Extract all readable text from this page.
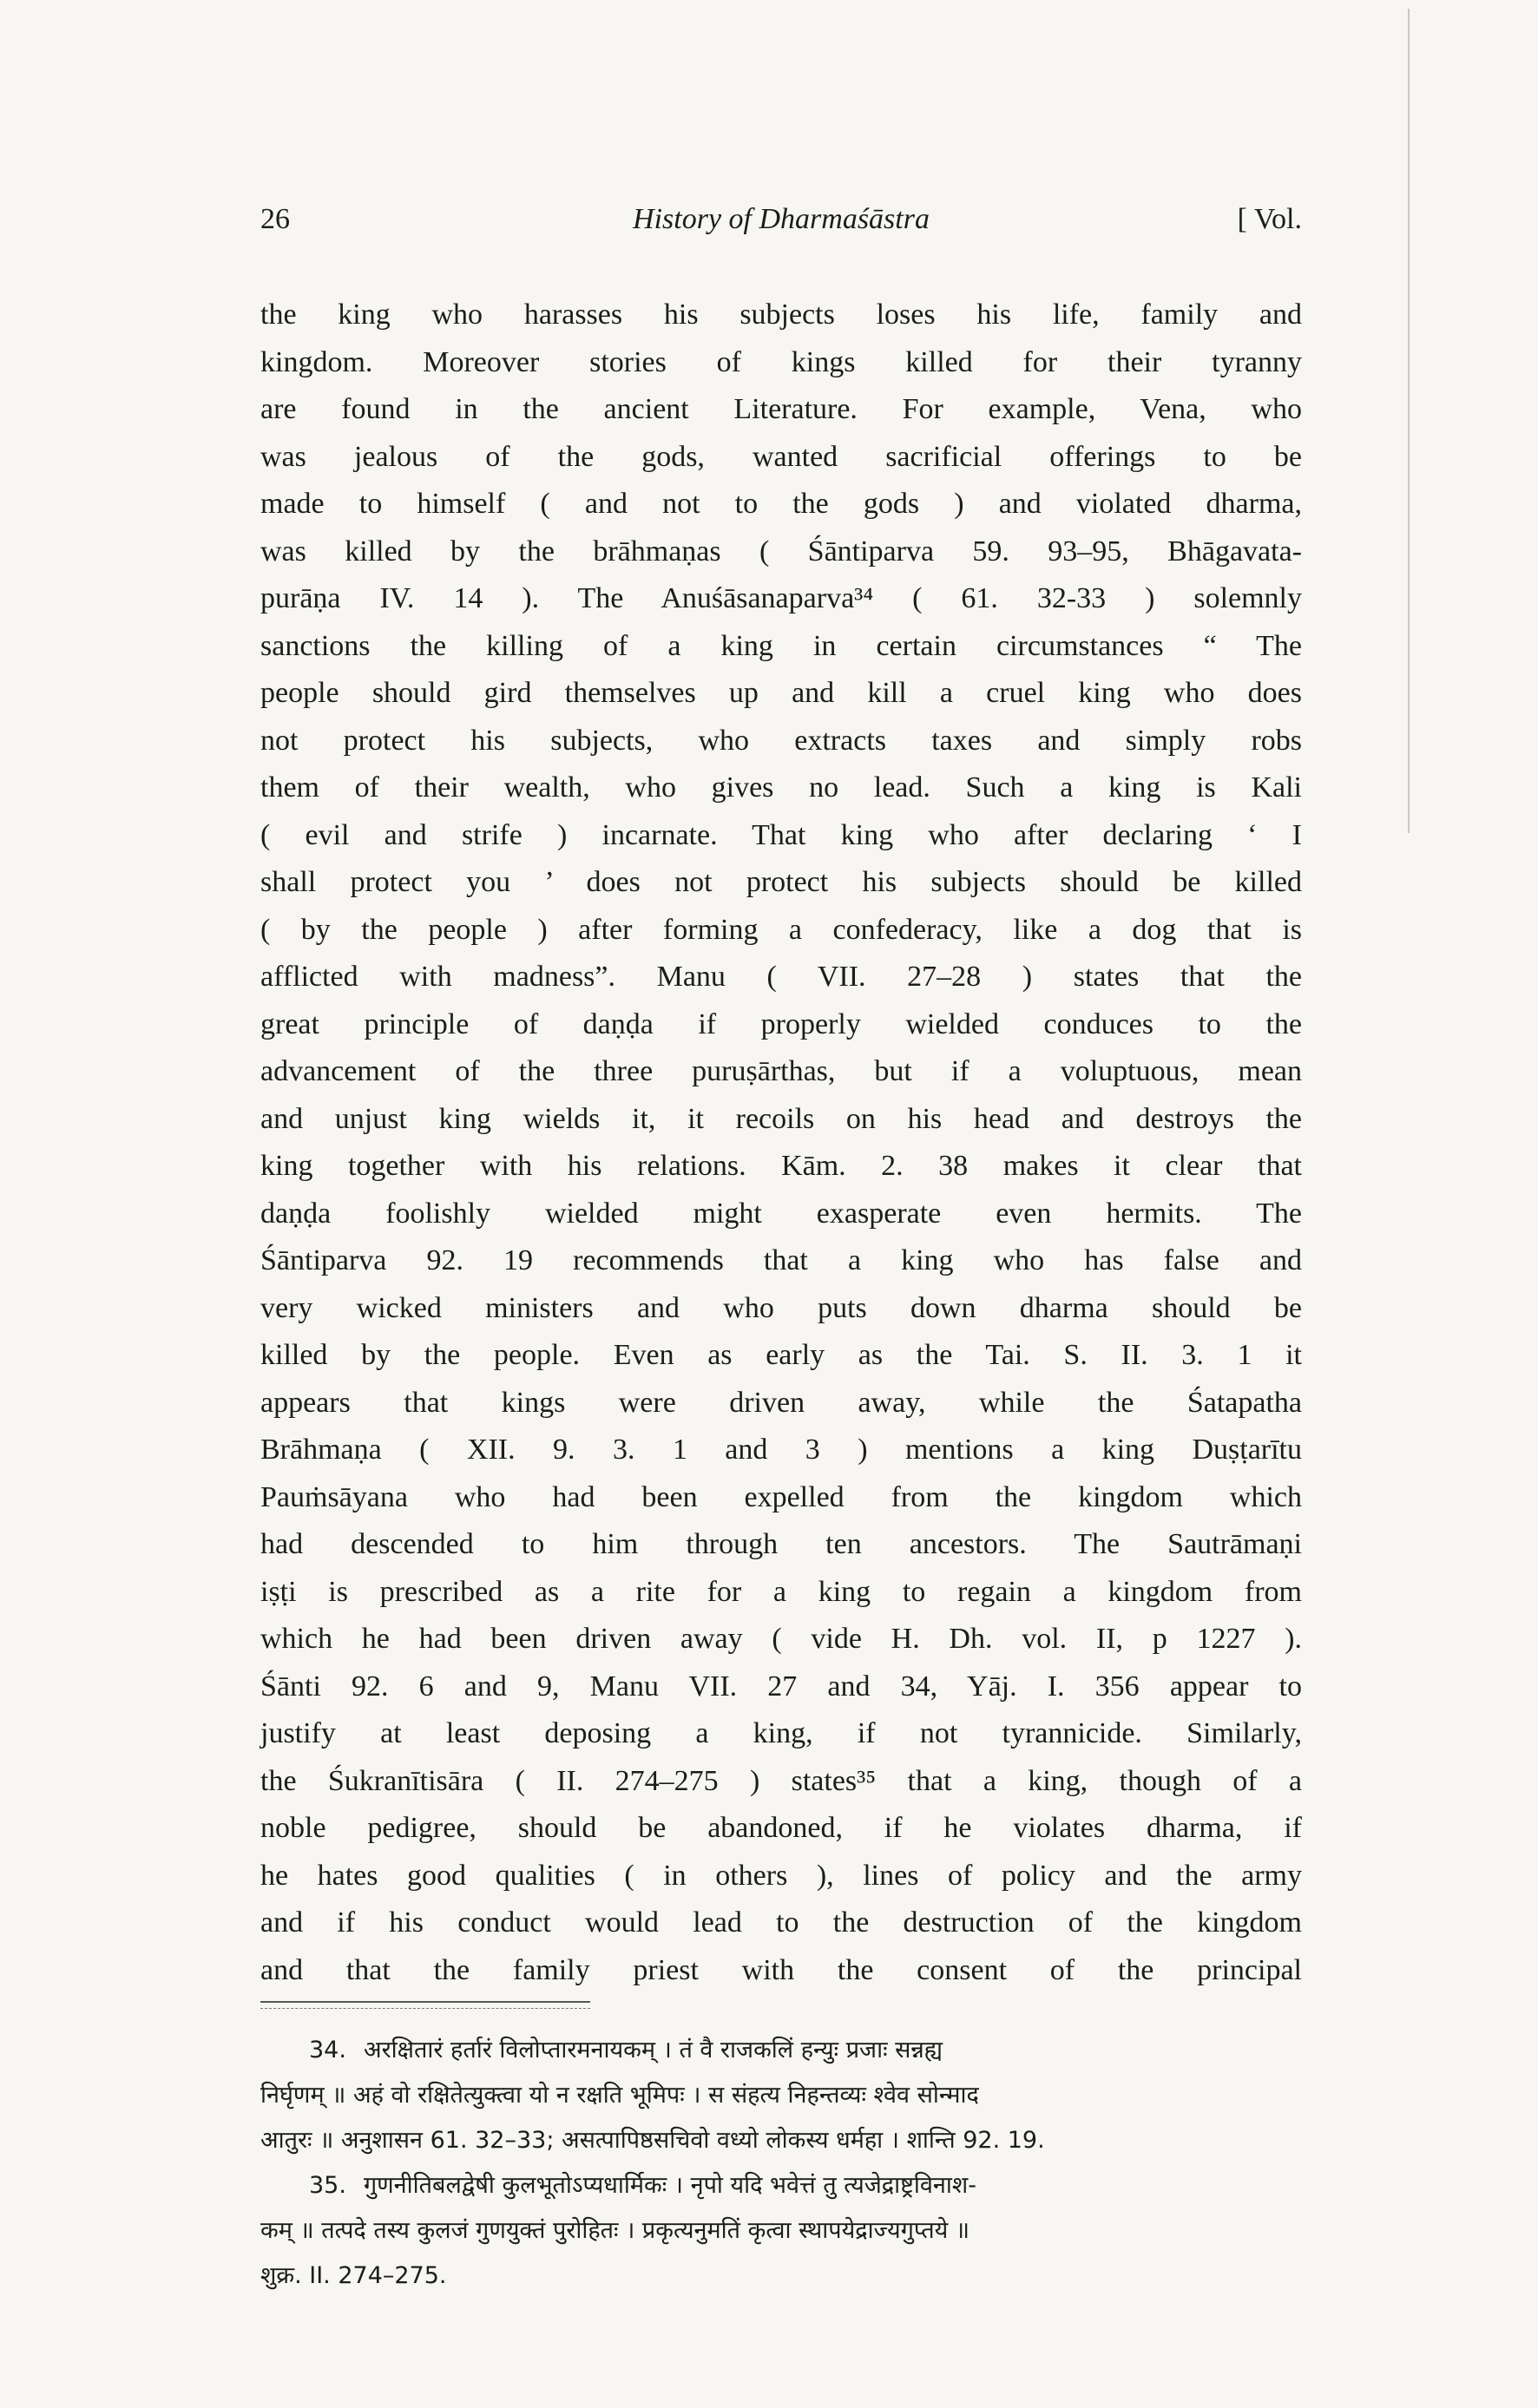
26	History of Dharmaśāstra	[ Vol.
the king who harasses his subjects loses his life, family and
kingdom. Moreover stories of kings killed for their tyranny
are found in the ancient Literature. For example, Vena, who
was jealous of the gods, wanted sacrificial offerings to be
made to himself ( and not to the gods ) and violated dharma,
was killed by the brāhmaṇas ( Śāntiparva 59. 93–95, Bhāgavata-
purāṇa IV. 14 ). The Anuśāsanaparva³⁴ ( 61. 32-33 ) solemnly
sanctions the killing of a king in certain circumstances “ The
people should gird themselves up and kill a cruel king who does
not protect his subjects, who extracts taxes and simply robs
them of their wealth, who gives no lead. Such a king is Kali
( evil and strife ) incarnate. That king who after declaring ‘ I
shall protect you ’ does not protect his subjects should be killed
( by the people ) after forming a confederacy, like a dog that is
afflicted with madness”. Manu ( VII. 27–28 ) states that the
great principle of daṇḍa if properly wielded conduces to the
advancement of the three puruṣārthas, but if a voluptuous, mean
and unjust king wields it, it recoils on his head and destroys the
king together with his relations. Kām. 2. 38 makes it clear that
daṇḍa foolishly wielded might exasperate even hermits. The
Śāntiparva 92. 19 recommends that a king who has false and
very wicked ministers and who puts down dharma should be
killed by the people. Even as early as the Tai. S. II. 3. 1 it
appears that kings were driven away, while the Śatapatha
Brāhmaṇa ( XII. 9. 3. 1 and 3 ) mentions a king Duṣṭarītu
Pauṁsāyana who had been expelled from the kingdom which
had descended to him through ten ancestors. The Sautrāmaṇi
iṣṭi is prescribed as a rite for a king to regain a kingdom from
which he had been driven away ( vide H. Dh. vol. II, p 1227 ).
Śānti 92. 6 and 9, Manu VII. 27 and 34, Yāj. I. 356 appear to
justify at least deposing a king, if not tyrannicide. Similarly,
the Śukranītisāra ( II. 274–275 ) states³⁵ that a king, though of a
noble pedigree, should be abandoned, if he violates dharma, if
he hates good qualities ( in others ), lines of policy and the army
and if his conduct would lead to the destruction of the kingdom
and that the family priest with the consent of the principal
34. अरक्षितारं हर्तारं विलोप्तारमनायकम् । तं वै राजकलिं हन्युः प्रजाः सन्नह्य
निर्घृणम् ॥ अहं वो रक्षितेत्युक्त्वा यो न रक्षति भूमिपः । स संहत्य निहन्तव्यः श्वेव सोन्माद
आतुरः ॥ अनुशासन 61. 32–33; असत्पापिष्ठसचिवो वध्यो लोकस्य धर्महा । शान्ति 92. 19.
35. गुणनीतिबलद्वेषी कुलभूतोऽप्यधार्मिकः । नृपो यदि भवेत्तं तु त्यजेद्राष्ट्रविनाश-
कम् ॥ तत्पदे तस्य कुलजं गुणयुक्तं पुरोहितः । प्रकृत्यनुमतिं कृत्वा स्थापयेद्राज्यगुप्तये ॥
शुक्र. II. 274–275.
